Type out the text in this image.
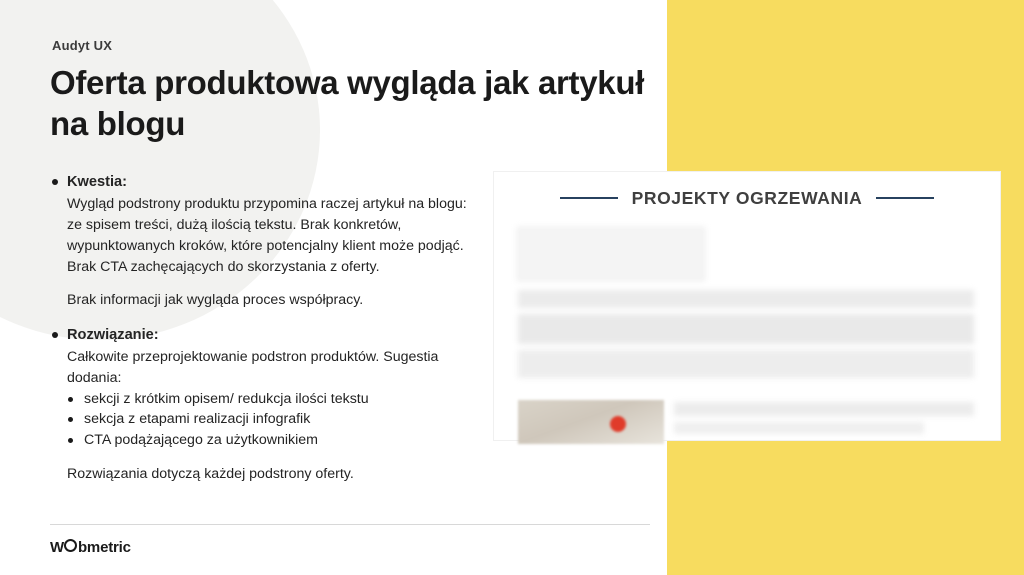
Audyt UX
Oferta produktowa wygląda jak artykuł na blogu
Kwestia:

Wygląd podstrony produktu przypomina raczej artykuł na blogu: ze spisem treści, dużą ilością tekstu. Brak konkretów, wypunktowanych kroków, które potencjalny klient może podjąć. Brak CTA zachęcających do skorzystania z oferty.

Brak informacji jak wygląda proces współpracy.

Rozwiązanie:

Całkowite przeprojektowanie podstron produktów. Sugestia dodania:

sekcji z krótkim opisem/ redukcja ilości tekstu
sekcja z etapami realizacji infografik
CTA podążającego za użytkownikiem

Rozwiązania dotyczą każdej podstrony oferty.

PROJEKTY OGRZEWANIA
W bmetric
